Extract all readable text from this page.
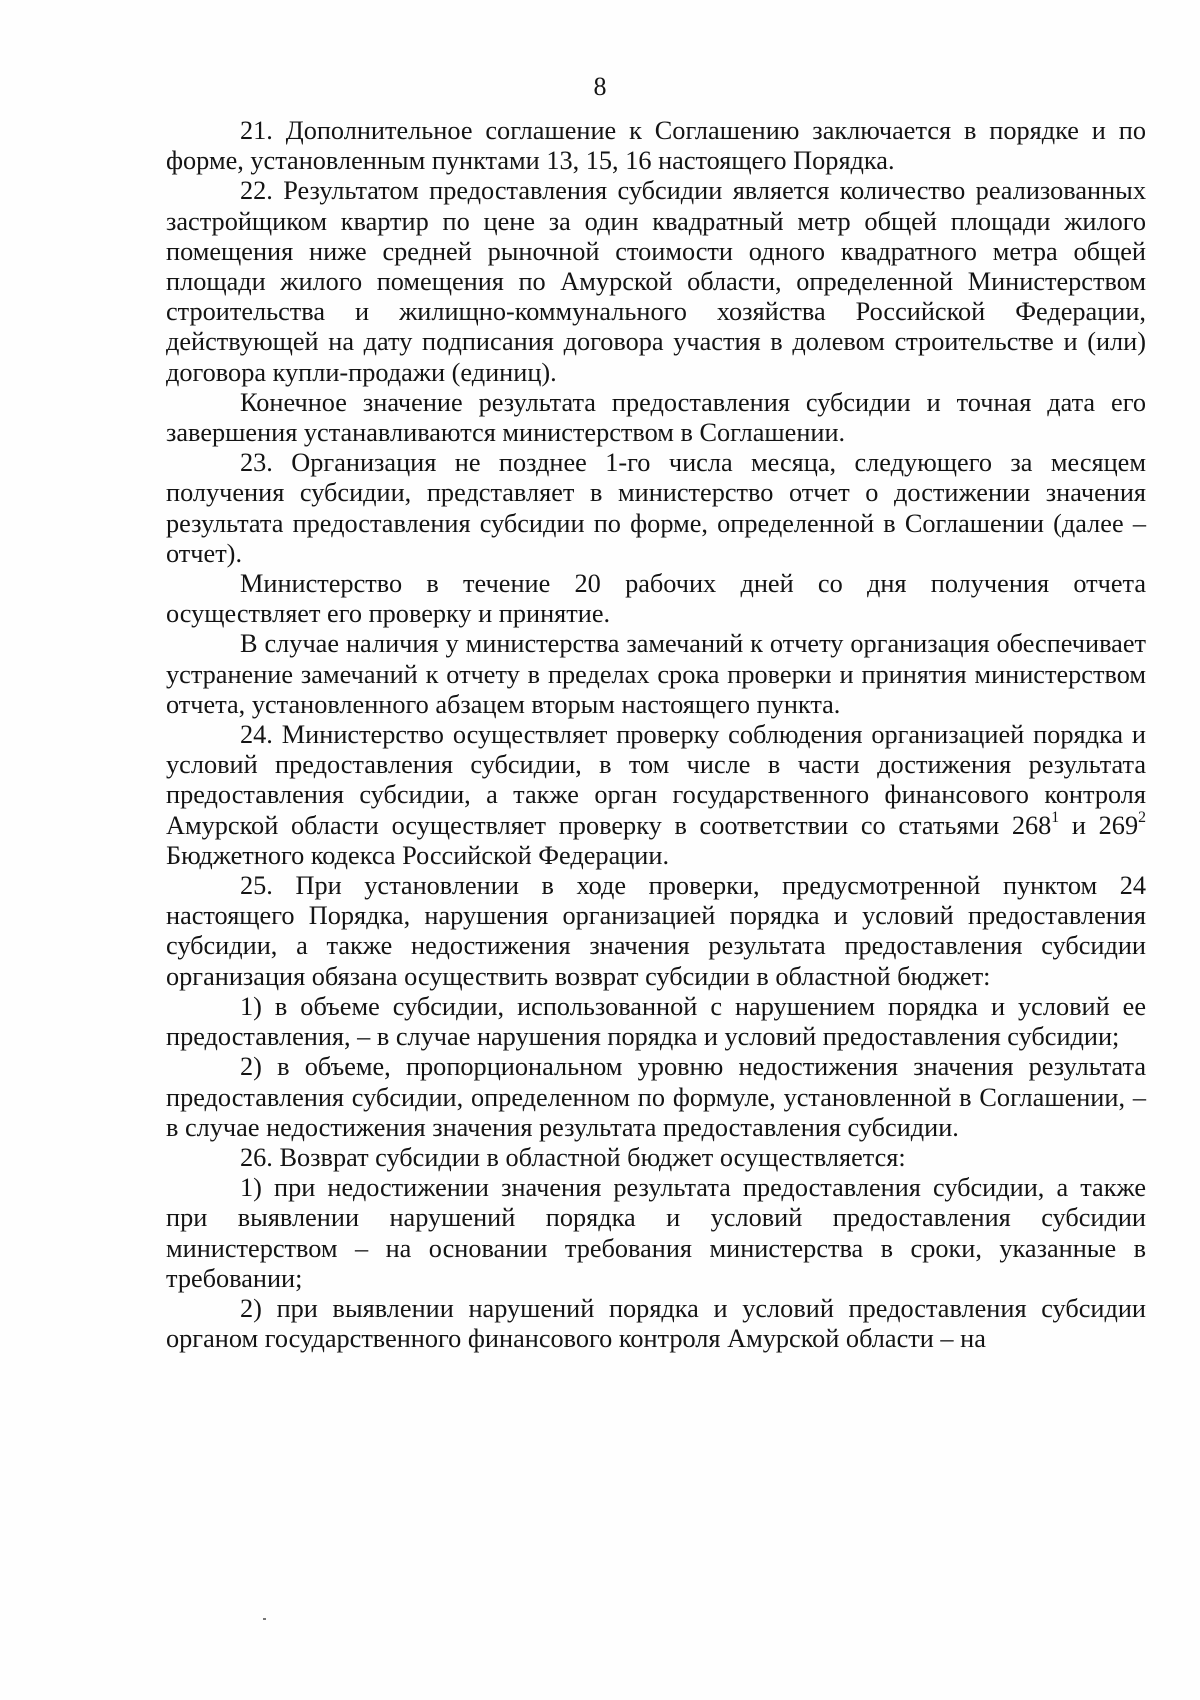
8

21. Дополнительное соглашение к Соглашению заключается в порядке и по форме, установленным пунктами 13, 15, 16 настоящего Порядка.

22. Результатом предоставления субсидии является количество реализованных застройщиком квартир по цене за один квадратный метр общей площади жилого помещения ниже средней рыночной стоимости одного квадратного метра общей площади жилого помещения по Амурской области, определенной Министерством строительства и жилищно-коммунального хозяйства Российской Федерации, действующей на дату подписания договора участия в долевом строительстве и (или) договора купли-продажи (единиц).

Конечное значение результата предоставления субсидии и точная дата его завершения устанавливаются министерством в Соглашении.

23. Организация не позднее 1-го числа месяца, следующего за месяцем получения субсидии, представляет в министерство отчет о достижении значения результата предоставления субсидии по форме, определенной в Соглашении (далее – отчет).

Министерство в течение 20 рабочих дней со дня получения отчета осуществляет его проверку и принятие.

В случае наличия у министерства замечаний к отчету организация обеспечивает устранение замечаний к отчету в пределах срока проверки и принятия министерством отчета, установленного абзацем вторым настоящего пункта.

24. Министерство осуществляет проверку соблюдения организацией порядка и условий предоставления субсидии, в том числе в части достижения результата предоставления субсидии, а также орган государственного финансового контроля Амурской области осуществляет проверку в соответствии со статьями $268^1$ и $269^2$ Бюджетного кодекса Российской Федерации.

25. При установлении в ходе проверки, предусмотренной пунктом 24 настоящего Порядка, нарушения организацией порядка и условий предоставления субсидии, а также недостижения значения результата предоставления субсидии организация обязана осуществить возврат субсидии в областной бюджет:

1) в объеме субсидии, использованной с нарушением порядка и условий ее предоставления, – в случае нарушения порядка и условий предоставления субсидии;

2) в объеме, пропорциональном уровню недостижения значения результата предоставления субсидии, определенном по формуле, установленной в Соглашении, – в случае недостижения значения результата предоставления субсидии.

26. Возврат субсидии в областной бюджет осуществляется:

1) при недостижении значения результата предоставления субсидии, а также при выявлении нарушений порядка и условий предоставления субсидии министерством – на основании требования министерства в сроки, указанные в требовании;

2) при выявлении нарушений порядка и условий предоставления субсидии органом государственного финансового контроля Амурской области – на
